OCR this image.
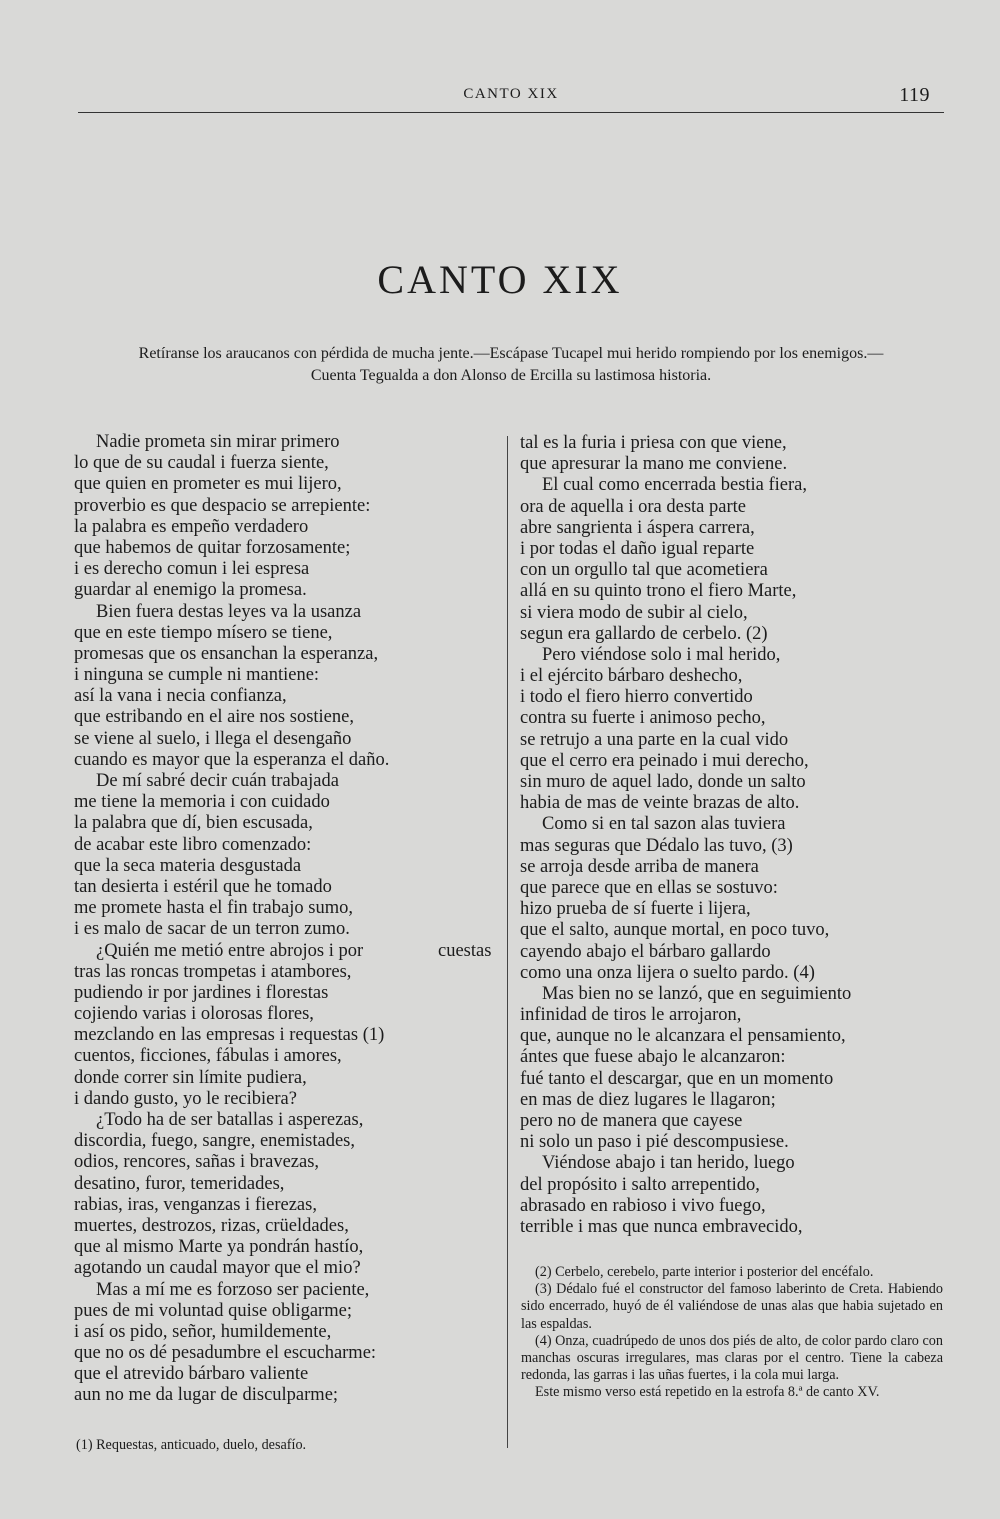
CANTO XIX	119
CANTO XIX
Retíranse los araucanos con pérdida de mucha jente.—Escápase Tucapel mui herido rompiendo por los enemigos.—
Cuenta Tegualda a don Alonso de Ercilla su lastimosa historia.
Nadie prometa sin mirar primero
lo que de su caudal i fuerza siente,
que quien en prometer es mui lijero,
proverbio es que despacio se arrepiente:
la palabra es empeño verdadero
que habemos de quitar forzosamente;
i es derecho comun i lei espresa
guardar al enemigo la promesa.
Bien fuera destas leyes va la usanza
que en este tiempo mísero se tiene,
promesas que os ensanchan la esperanza,
i ninguna se cumple ni mantiene:
así la vana i necia confianza,
que estribando en el aire nos sostiene,
se viene al suelo, i llega el desengaño
cuando es mayor que la esperanza el daño.
De mí sabré decir cuán trabajada
me tiene la memoria i con cuidado
la palabra que dí, bien escusada,
de acabar este libro comenzado:
que la seca materia desgustada
tan desierta i estéril que he tomado
me promete hasta el fin trabajo sumo,
i es malo de sacar de un terron zumo.
¿Quién me metió entre abrojos i por	cuestas
tras las roncas trompetas i atambores,
pudiendo ir por jardines i florestas
cojiendo varias i olorosas flores,
mezclando en las empresas i requestas (1)
cuentos, ficciones, fábulas i amores,
donde correr sin límite pudiera,
i dando gusto, yo le recibiera?
¿Todo ha de ser batallas i asperezas,
discordia, fuego, sangre, enemistades,
odios, rencores, sañas i bravezas,
desatino, furor, temeridades,
rabias, iras, venganzas i fierezas,
muertes, destrozos, rizas, crüeldades,
que al mismo Marte ya pondrán hastío,
agotando un caudal mayor que el mio?
Mas a mí me es forzoso ser paciente,
pues de mi voluntad quise obligarme;
i así os pido, señor, humildemente,
que no os dé pesadumbre el escucharme:
que el atrevido bárbaro valiente
aun no me da lugar de disculparme;
tal es la furia i priesa con que viene,
que apresurar la mano me conviene.
El cual como encerrada bestia fiera,
ora de aquella i ora desta parte
abre sangrienta i áspera carrera,
i por todas el daño igual reparte
con un orgullo tal que acometiera
allá en su quinto trono el fiero Marte,
si viera modo de subir al cielo,
segun era gallardo de cerbelo. (2)
Pero viéndose solo i mal herido,
i el ejército bárbaro deshecho,
i todo el fiero hierro convertido
contra su fuerte i animoso pecho,
se retrujo a una parte en la cual vido
que el cerro era peinado i mui derecho,
sin muro de aquel lado, donde un salto
habia de mas de veinte brazas de alto.
Como si en tal sazon alas tuviera
mas seguras que Dédalo las tuvo, (3)
se arroja desde arriba de manera
que parece que en ellas se sostuvo:
hizo prueba de sí fuerte i lijera,
que el salto, aunque mortal, en poco tuvo,
cayendo abajo el bárbaro gallardo
como una onza lijera o suelto pardo. (4)
Mas bien no se lanzó, que en seguimiento
infinidad de tiros le arrojaron,
que, aunque no le alcanzara el pensamiento,
ántes que fuese abajo le alcanzaron:
fué tanto el descargar, que en un momento
en mas de diez lugares le llagaron;
pero no de manera que cayese
ni solo un paso i pié descompusiese.
Viéndose abajo i tan herido, luego
del propósito i salto arrepentido,
abrasado en rabioso i vivo fuego,
terrible i mas que nunca embravecido,
(1) Requestas, anticuado, duelo, desafío.
(2) Cerbelo, cerebelo, parte interior i posterior del encéfalo.
(3) Dédalo fué el constructor del famoso laberinto de Creta. Habiendo sido encerrado, huyó de él valiéndose de unas alas que habia sujetado en las espaldas.
(4) Onza, cuadrúpedo de unos dos piés de alto, de color pardo claro con manchas oscuras irregulares, mas claras por el centro. Tiene la cabeza redonda, las garras i las uñas fuertes, i la cola mui larga.
Este mismo verso está repetido en la estrofa 8.ª de canto XV.
